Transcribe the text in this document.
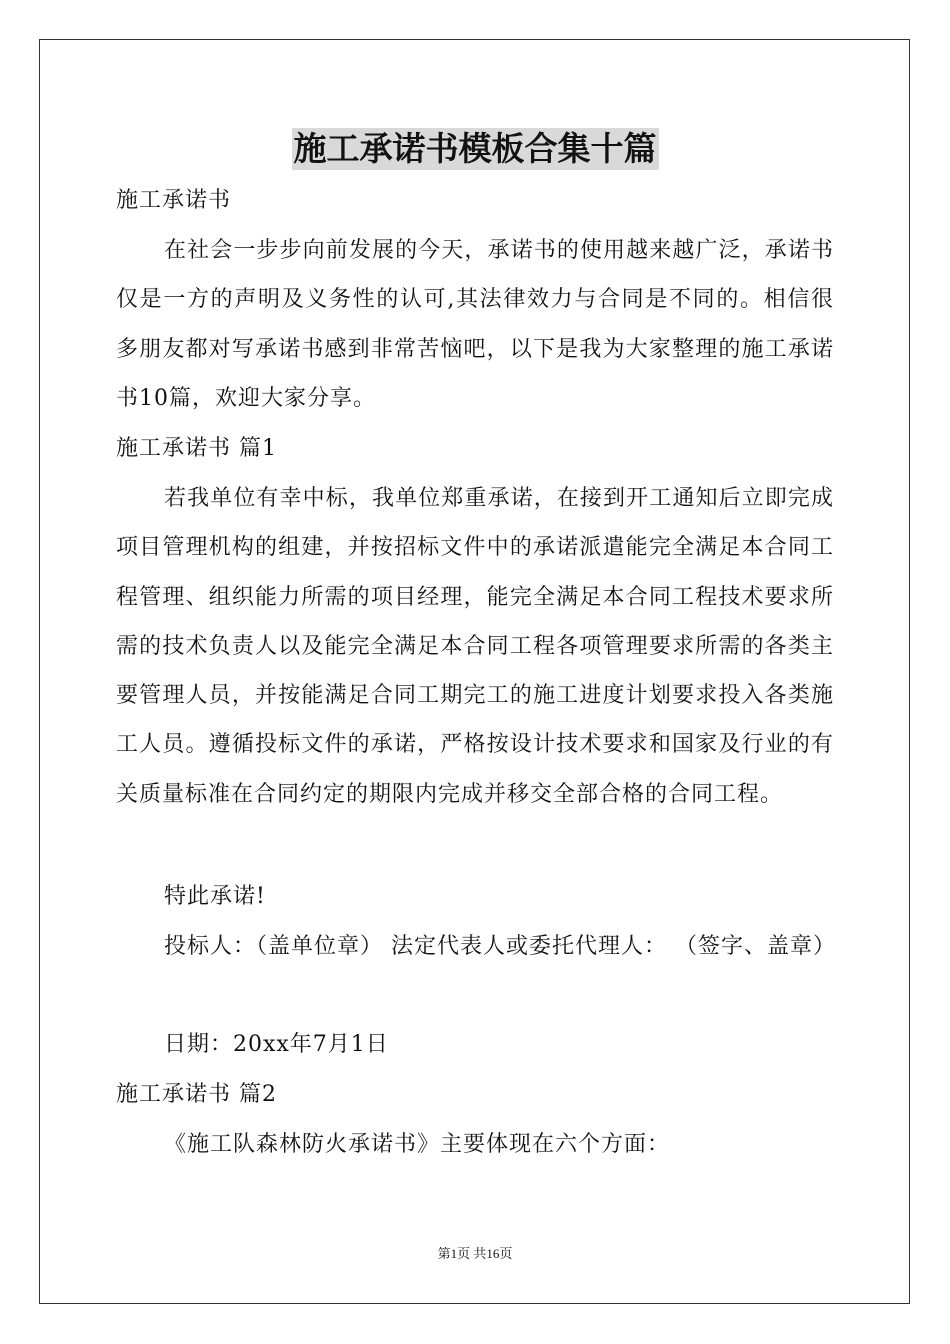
施工承诺书模板合集十篇
施工承诺书
在社会一步步向前发展的今天，承诺书的使用越来越广泛，承诺书仅是一方的声明及义务性的认可,其法律效力与合同是不同的。相信很多朋友都对写承诺书感到非常苦恼吧，以下是我为大家整理的施工承诺书10篇，欢迎大家分享。
施工承诺书 篇1
若我单位有幸中标，我单位郑重承诺，在接到开工通知后立即完成项目管理机构的组建，并按招标文件中的承诺派遣能完全满足本合同工程管理、组织能力所需的项目经理，能完全满足本合同工程技术要求所需的技术负责人以及能完全满足本合同工程各项管理要求所需的各类主要管理人员，并按能满足合同工期完工的施工进度计划要求投入各类施工人员。遵循投标文件的承诺，严格按设计技术要求和国家及行业的有关质量标准在合同约定的期限内完成并移交全部合格的合同工程。
特此承诺!
投标人：（盖单位章） 法定代表人或委托代理人： （签字、盖章）
日期：20xx年7月1日
施工承诺书 篇2
《施工队森林防火承诺书》主要体现在六个方面：
第1页 共16页
